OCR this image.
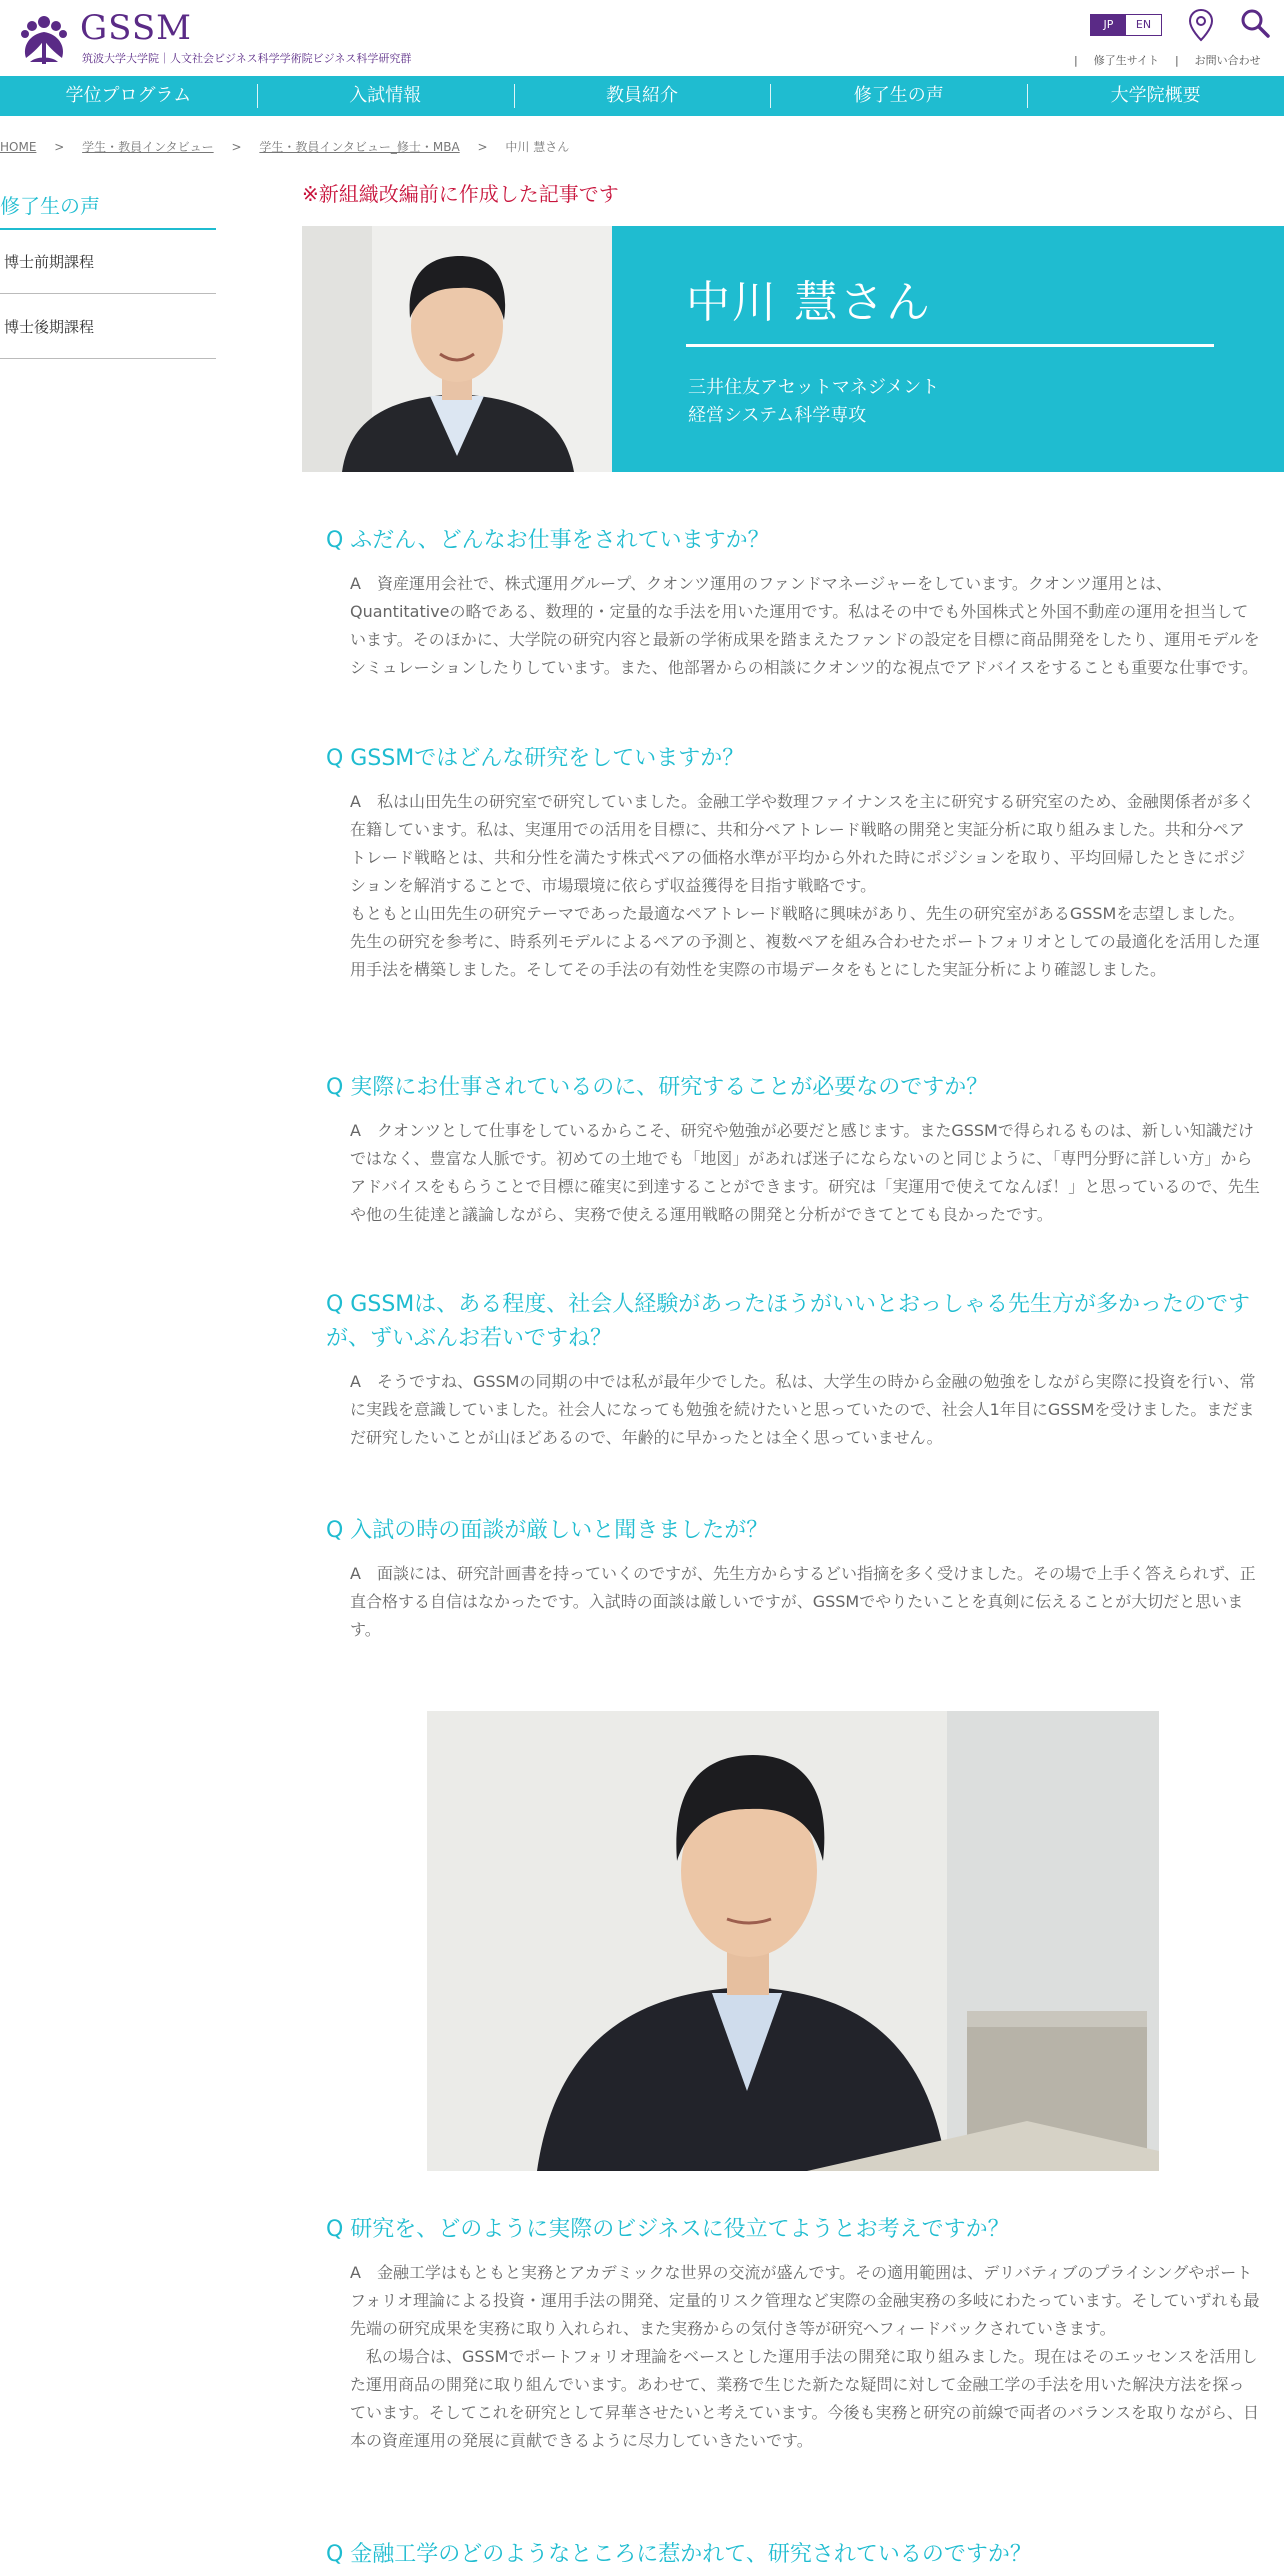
GSSM
筑波大学大学院｜人文社会ビジネス科学学術院ビジネス科学研究群
JP	EN
| 修了生サイト | お問い合わせ
学位プログラム	入試情報	教員紹介	修了生の声	大学院概要
HOME > 学生・教員インタビュー > 学生・教員インタビュー_修士・MBA > 中川 慧さん
修了生の声
博士前期課程
博士後期課程
※新組織改編前に作成した記事です
中川 慧さん
三井住友アセットマネジメント
経営システム科学専攻
Q ふだん、どんなお仕事をされていますか？

A　資産運用会社で、株式運用グループ、クオンツ運用のファンドマネージャーをしています。クオンツ運用とは、Quantitativeの略である、数理的・定量的な手法を用いた運用です。私はその中でも外国株式と外国不動産の運用を担当しています。そのほかに、大学院の研究内容と最新の学術成果を踏まえたファンドの設定を目標に商品開発をしたり、運用モデルをシミュレーションしたりしています。また、他部署からの相談にクオンツ的な視点でアドバイスをすることも重要な仕事です。

Q GSSMではどんな研究をしていますか？

A　私は山田先生の研究室で研究していました。金融工学や数理ファイナンスを主に研究する研究室のため、金融関係者が多く在籍しています。私は、実運用での活用を目標に、共和分ペアトレード戦略の開発と実証分析に取り組みました。共和分ペアトレード戦略とは、共和分性を満たす株式ペアの価格水準が平均から外れた時にポジションを取り、平均回帰したときにポジションを解消することで、市場環境に依らず収益獲得を目指す戦略です。

もともと山田先生の研究テーマであった最適なペアトレード戦略に興味があり、先生の研究室があるGSSMを志望しました。先生の研究を参考に、時系列モデルによるペアの予測と、複数ペアを組み合わせたポートフォリオとしての最適化を活用した運用手法を構築しました。そしてその手法の有効性を実際の市場データをもとにした実証分析により確認しました。

Q 実際にお仕事されているのに、研究することが必要なのですか？

A　クオンツとして仕事をしているからこそ、研究や勉強が必要だと感じます。またGSSMで得られるものは、新しい知識だけではなく、豊富な人脈です。初めての土地でも「地図」があれば迷子にならないのと同じように、「専門分野に詳しい方」からアドバイスをもらうことで目標に確実に到達することができます。研究は「実運用で使えてなんぼ！」と思っているので、先生や他の生徒達と議論しながら、実務で使える運用戦略の開発と分析ができてとても良かったです。

Q GSSMは、ある程度、社会人経験があったほうがいいとおっしゃる先生方が多かったのですが、ずいぶんお若いですね？

A　そうですね、GSSMの同期の中では私が最年少でした。私は、大学生の時から金融の勉強をしながら実際に投資を行い、常に実践を意識していました。社会人になっても勉強を続けたいと思っていたので、社会人1年目にGSSMを受けました。まだまだ研究したいことが山ほどあるので、年齢的に早かったとは全く思っていません。

Q 入試の時の面談が厳しいと聞きましたが？

A　面談には、研究計画書を持っていくのですが、先生方からするどい指摘を多く受けました。その場で上手く答えられず、正直合格する自信はなかったです。入試時の面談は厳しいですが、GSSMでやりたいことを真剣に伝えることが大切だと思います。

Q 研究を、どのように実際のビジネスに役立てようとお考えですか？

A　金融工学はもともと実務とアカデミックな世界の交流が盛んです。その適用範囲は、デリバティブのプライシングやポートフォリオ理論による投資・運用手法の開発、定量的リスク管理など実際の金融実務の多岐にわたっています。そしていずれも最先端の研究成果を実務に取り入れられ、また実務からの気付き等が研究へフィードバックされていきます。

　私の場合は、GSSMでポートフォリオ理論をベースとした運用手法の開発に取り組みました。現在はそのエッセンスを活用した運用商品の開発に取り組んでいます。あわせて、業務で生じた新たな疑問に対して金融工学の手法を用いた解決方法を探っています。そしてこれを研究として昇華させたいと考えています。今後も実務と研究の前線で両者のバランスを取りながら、日本の資産運用の発展に貢献できるように尽力していきたいです。

Q 金融工学のどのようなところに惹かれて、研究されているのですか？
